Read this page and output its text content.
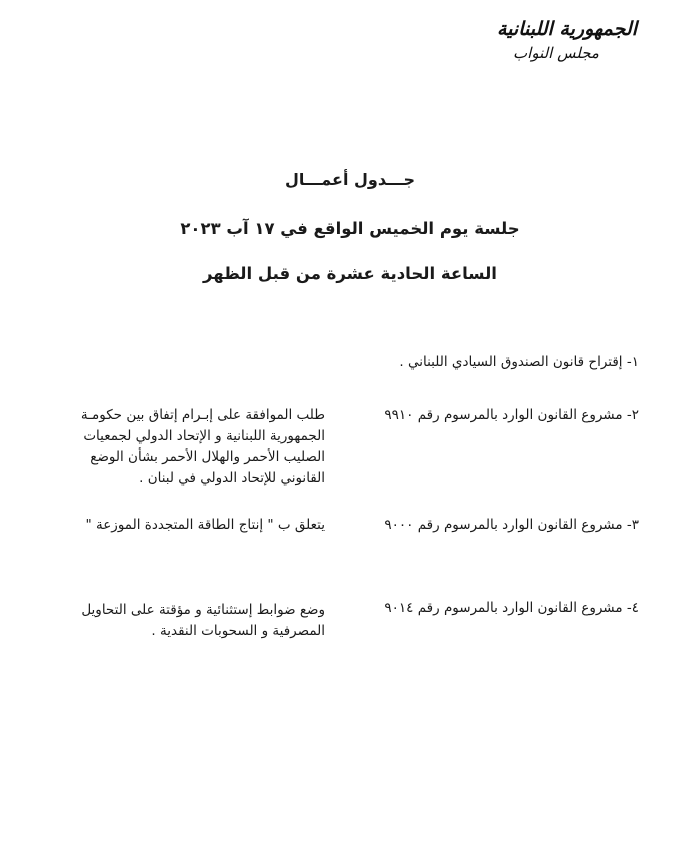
الجمهورية اللبنانية
مجلس النواب
جـــدول أعمـــال
جلسة يوم الخميس الواقع في ١٧ آب ٢٠٢٣
الساعة الحادية عشرة من قبل الظهر
١- إقتراح قانون الصندوق السيادي اللبناني .
٢- مشروع القانون الوارد بالمرسوم رقم ٩٩١٠
طلب الموافقة على إبـرام إتفاق بين حكومـة
الجمهورية اللبنانية و الإتحاد الدولي لجمعيات
الصليب الأحمر والهلال الأحمر بشأن الوضع
القانوني للإتحاد الدولي في لبنان .
٣- مشروع القانون الوارد بالمرسوم رقم ٩٠٠٠
يتعلق ب " إنتاج الطاقة المتجددة الموزعة "
٤- مشروع القانون الوارد بالمرسوم رقم ٩٠١٤
وضع ضوابط إستثنائية و مؤقتة على التحاويل
المصرفية و السحوبات النقدية .
